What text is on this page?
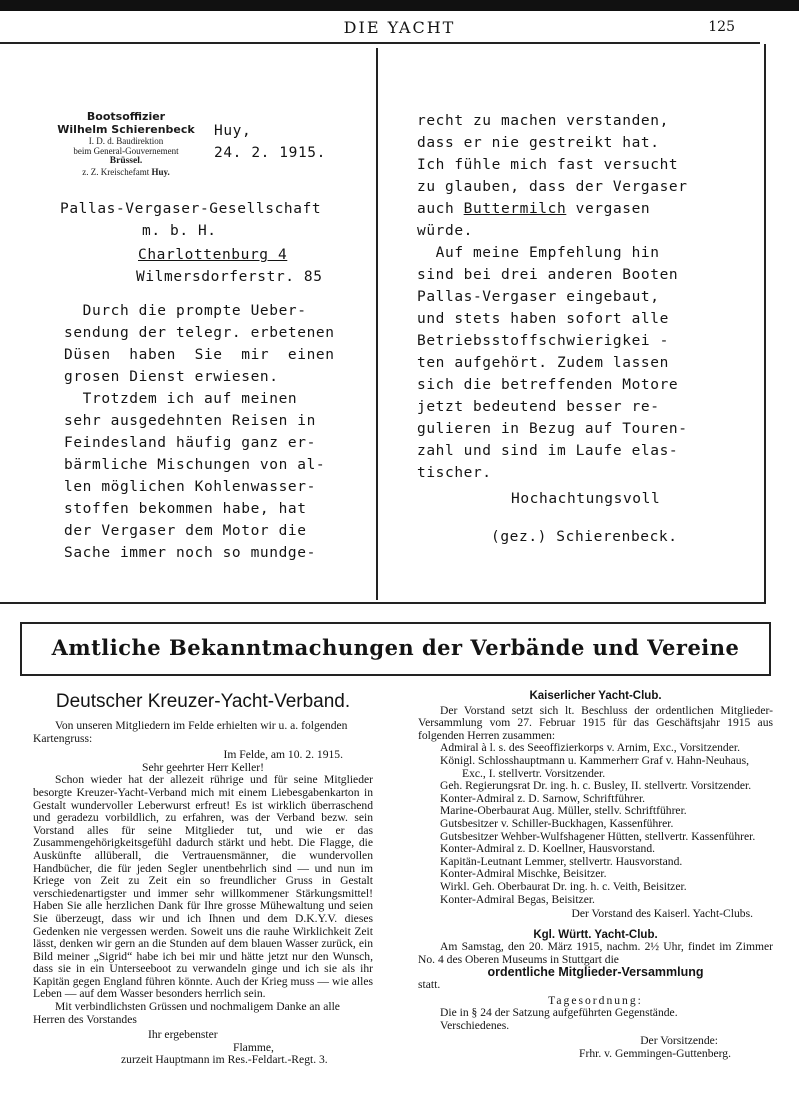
DIE YACHT	125
Bootsoffizier
Wilhelm Schierenbeck
I. D. d. Baudirektion
beim General-Gouvernement
Brüssel.
z. Z. Kreischefamt Huy.
Huy,
24. 2. 1915.
Pallas-Vergaser-Gesellschaft
m. b. H.
Charlottenburg 4
Wilmersdorferstr. 85
Durch die prompte Ueber-
sendung der telegr. erbetenen
Düsen  haben  Sie  mir  einen
grosen Dienst erwiesen.
Trotzdem ich auf meinen
sehr ausgedehnten Reisen in
Feindesland häufig ganz er-
bärmliche Mischungen von al-
len möglichen Kohlenwasser-
stoffen bekommen habe, hat
der Vergaser dem Motor die
Sache immer noch so mundge-
recht zu machen verstanden,
dass er nie gestreikt hat.
Ich fühle mich fast versucht
zu glauben, dass der Vergaser
auch Buttermilch vergasen
würde.
Auf meine Empfehlung hin
sind bei drei anderen Booten
Pallas-Vergaser eingebaut,
und stets haben sofort alle
Betriebsstoffschwierigkei -
ten aufgehört. Zudem lassen
sich die betreffenden Motore
jetzt bedeutend besser re-
gulieren in Bezug auf Touren-
zahl und sind im Laufe elas-
tischer.
Hochachtungsvoll
(gez.) Schierenbeck.
Amtliche Bekanntmachungen der Verbände und Vereine
Deutscher Kreuzer-Yacht-Verband.

Von unseren Mitgliedern im Felde erhielten wir u. a. folgenden Kartengruss:

Im Felde, am 10. 2. 1915.

Sehr geehrter Herr Keller!

Schon wieder hat der allezeit rührige und für seine Mitglieder besorgte Kreuzer-Yacht-Verband mich mit einem Liebesgabenkarton in Gestalt wundervoller Leberwurst erfreut! Es ist wirklich überraschend und geradezu vorbildlich, zu erfahren, was der Verband bezw. sein Vorstand alles für seine Mitglieder tut, und wie er das Zusammengehörigkeitsgefühl dadurch stärkt und hebt. Die Flagge, die Auskünfte allüberall, die Vertrauensmänner, die wundervollen Handbücher, die für jeden Segler unentbehrlich sind — und nun im Kriege von Zeit zu Zeit ein so freundlicher Gruss in Gestalt verschiedenartigster und immer sehr willkommener Stärkungsmittel! Haben Sie alle herzlichen Dank für Ihre grosse Mühewaltung und seien Sie überzeugt, dass wir und ich Ihnen und dem D.K.Y.V. dieses Gedenken nie vergessen werden. Soweit uns die rauhe Wirklichkeit Zeit lässt, denken wir gern an die Stunden auf dem blauen Wasser zurück, ein Bild meiner „Sigrid“ habe ich bei mir und hätte jetzt nur den Wunsch, dass sie in ein Unterseeboot zu verwandeln ginge und ich sie als ihr Kapitän gegen England führen könnte. Auch der Krieg muss — wie alles Leben — auf dem Wasser besonders herrlich sein.

Mit verbindlichsten Grüssen und nochmaligem Danke an alle Herren des Vorstandes

Ihr ergebenster

Flamme,

zurzeit Hauptmann im Res.-Feldart.-Regt. 3.

Kaiserlicher Yacht-Club.

Der Vorstand setzt sich lt. Beschluss der ordentlichen Mitglieder-Versammlung vom 27. Februar 1915 für das Geschäftsjahr 1915 aus folgenden Herren zusammen:

Admiral à l. s. des Seeoffizierkorps v. Arnim, Exc., Vorsitzender.

Königl. Schlosshauptmann u. Kammerherr Graf v. Hahn-Neuhaus, Exc., I. stellvertr. Vorsitzender.

Geh. Regierungsrat Dr. ing. h. c. Busley, II. stellvertr. Vorsitzender.

Konter-Admiral z. D. Sarnow, Schriftführer.

Marine-Oberbaurat Aug. Müller, stellv. Schriftführer.

Gutsbesitzer v. Schiller-Buckhagen, Kassenführer.

Gutsbesitzer Wehber-Wulfshagener Hütten, stellvertr. Kassenführer.

Konter-Admiral z. D. Koellner, Hausvorstand.

Kapitän-Leutnant Lemmer, stellvertr. Hausvorstand.

Konter-Admiral Mischke, Beisitzer.

Wirkl. Geh. Oberbaurat Dr. ing. h. c. Veith, Beisitzer.

Konter-Admiral Begas, Beisitzer.

Der Vorstand des Kaiserl. Yacht-Clubs.

Kgl. Württ. Yacht-Club.

Am Samstag, den 20. März 1915, nachm. 2½ Uhr, findet im Zimmer No. 4 des Oberen Museums in Stuttgart die

ordentliche Mitglieder-Versammlung

statt.

Tagesordnung:

Die in § 24 der Satzung aufgeführten Gegenstände.

Verschiedenes.

Der Vorsitzende:

Frhr. v. Gemmingen-Guttenberg.
